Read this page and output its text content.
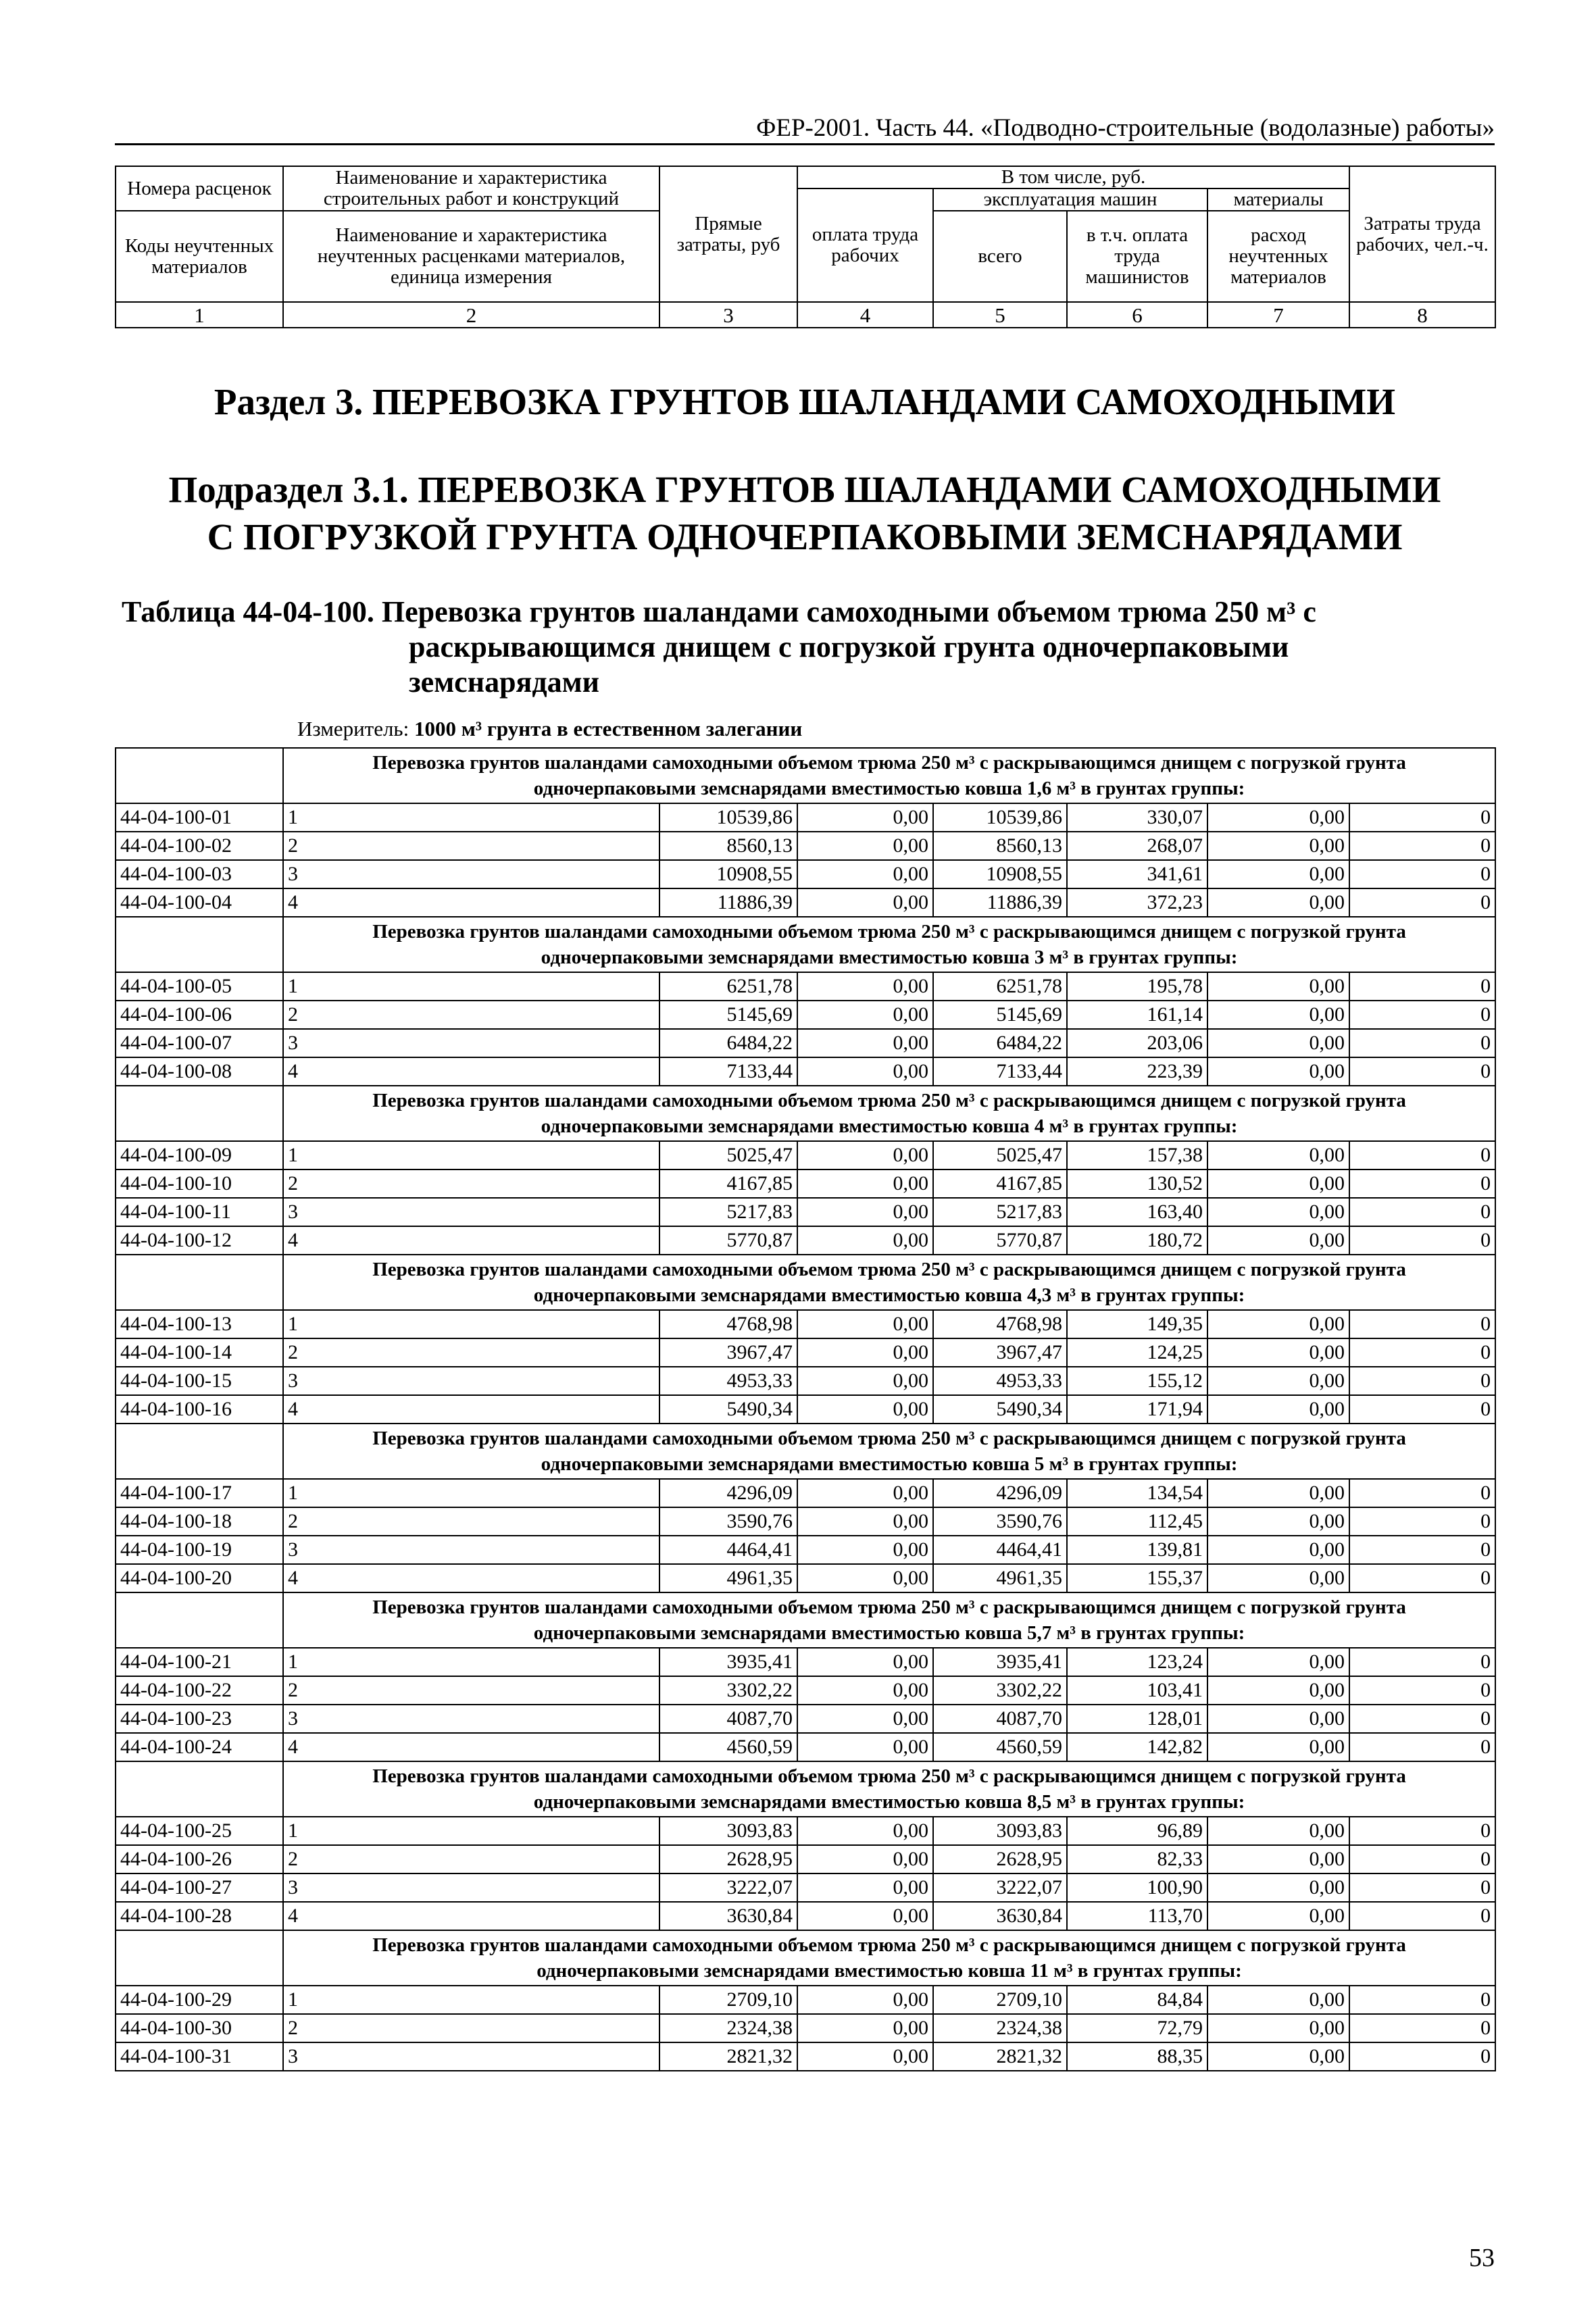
ФЕР-2001. Часть 44. «Подводно-строительные (водолазные) работы»
Номера расценок	Наименование и характеристика строительных работ и конструкций	Прямые затраты, руб	В том числе, руб.				Затраты труда рабочих, чел.-ч.
			оплата труда рабочих	эксплуатация машин		материалы	
Коды неучтенных материалов	Наименование и характеристика неучтенных расценками материалов, единица измерения			всего	в т.ч. оплата труда машинистов	расход неучтенных материалов	

1	2	3	4	5	6	7	8
Раздел 3. ПЕРЕВОЗКА ГРУНТОВ ШАЛАНДАМИ САМОХОДНЫМИ
Подраздел 3.1. ПЕРЕВОЗКА ГРУНТОВ ШАЛАНДАМИ САМОХОДНЫМИ
С ПОГРУЗКОЙ ГРУНТА ОДНОЧЕРПАКОВЫМИ ЗЕМСНАРЯДАМИ
Таблица 44-04-100. Перевозка грунтов шаландами самоходными объемом трюма 250 м³ с
раскрывающимся днищем с погрузкой грунта одночерпаковыми
земснарядами
Измеритель: 1000 м³ грунта в естественном залегании
	Перевозка грунтов шаландами самоходными объемом трюма 250 м³ с раскрывающимся днищем с погрузкой грунта одночерпаковыми земснарядами вместимостью ковша 1,6 м³ в грунтах группы:						
44-04-100-01	1	10539,86	0,00	10539,86	330,07	0,00	0
44-04-100-02	2	8560,13	0,00	8560,13	268,07	0,00	0
44-04-100-03	3	10908,55	0,00	10908,55	341,61	0,00	0
44-04-100-04	4	11886,39	0,00	11886,39	372,23	0,00	0
	Перевозка грунтов шаландами самоходными объемом трюма 250 м³ с раскрывающимся днищем с погрузкой грунта одночерпаковыми земснарядами вместимостью ковша 3 м³ в грунтах группы:						
44-04-100-05	1	6251,78	0,00	6251,78	195,78	0,00	0
44-04-100-06	2	5145,69	0,00	5145,69	161,14	0,00	0
44-04-100-07	3	6484,22	0,00	6484,22	203,06	0,00	0
44-04-100-08	4	7133,44	0,00	7133,44	223,39	0,00	0
	Перевозка грунтов шаландами самоходными объемом трюма 250 м³ с раскрывающимся днищем с погрузкой грунта одночерпаковыми земснарядами вместимостью ковша 4 м³ в грунтах группы:						
44-04-100-09	1	5025,47	0,00	5025,47	157,38	0,00	0
44-04-100-10	2	4167,85	0,00	4167,85	130,52	0,00	0
44-04-100-11	3	5217,83	0,00	5217,83	163,40	0,00	0
44-04-100-12	4	5770,87	0,00	5770,87	180,72	0,00	0
	Перевозка грунтов шаландами самоходными объемом трюма 250 м³ с раскрывающимся днищем с погрузкой грунта одночерпаковыми земснарядами вместимостью ковша 4,3 м³ в грунтах группы:						
44-04-100-13	1	4768,98	0,00	4768,98	149,35	0,00	0
44-04-100-14	2	3967,47	0,00	3967,47	124,25	0,00	0
44-04-100-15	3	4953,33	0,00	4953,33	155,12	0,00	0
44-04-100-16	4	5490,34	0,00	5490,34	171,94	0,00	0
	Перевозка грунтов шаландами самоходными объемом трюма 250 м³ с раскрывающимся днищем с погрузкой грунта одночерпаковыми земснарядами вместимостью ковша 5 м³ в грунтах группы:						
44-04-100-17	1	4296,09	0,00	4296,09	134,54	0,00	0
44-04-100-18	2	3590,76	0,00	3590,76	112,45	0,00	0
44-04-100-19	3	4464,41	0,00	4464,41	139,81	0,00	0
44-04-100-20	4	4961,35	0,00	4961,35	155,37	0,00	0
	Перевозка грунтов шаландами самоходными объемом трюма 250 м³ с раскрывающимся днищем с погрузкой грунта одночерпаковыми земснарядами вместимостью ковша 5,7 м³ в грунтах группы:						
44-04-100-21	1	3935,41	0,00	3935,41	123,24	0,00	0
44-04-100-22	2	3302,22	0,00	3302,22	103,41	0,00	0
44-04-100-23	3	4087,70	0,00	4087,70	128,01	0,00	0
44-04-100-24	4	4560,59	0,00	4560,59	142,82	0,00	0
	Перевозка грунтов шаландами самоходными объемом трюма 250 м³ с раскрывающимся днищем с погрузкой грунта одночерпаковыми земснарядами вместимостью ковша 8,5 м³ в грунтах группы:						
44-04-100-25	1	3093,83	0,00	3093,83	96,89	0,00	0
44-04-100-26	2	2628,95	0,00	2628,95	82,33	0,00	0
44-04-100-27	3	3222,07	0,00	3222,07	100,90	0,00	0
44-04-100-28	4	3630,84	0,00	3630,84	113,70	0,00	0
	Перевозка грунтов шаландами самоходными объемом трюма 250 м³ с раскрывающимся днищем с погрузкой грунта одночерпаковыми земснарядами вместимостью ковша 11 м³ в грунтах группы:						
44-04-100-29	1	2709,10	0,00	2709,10	84,84	0,00	0
44-04-100-30	2	2324,38	0,00	2324,38	72,79	0,00	0
44-04-100-31	3	2821,32	0,00	2821,32	88,35	0,00	0
53
